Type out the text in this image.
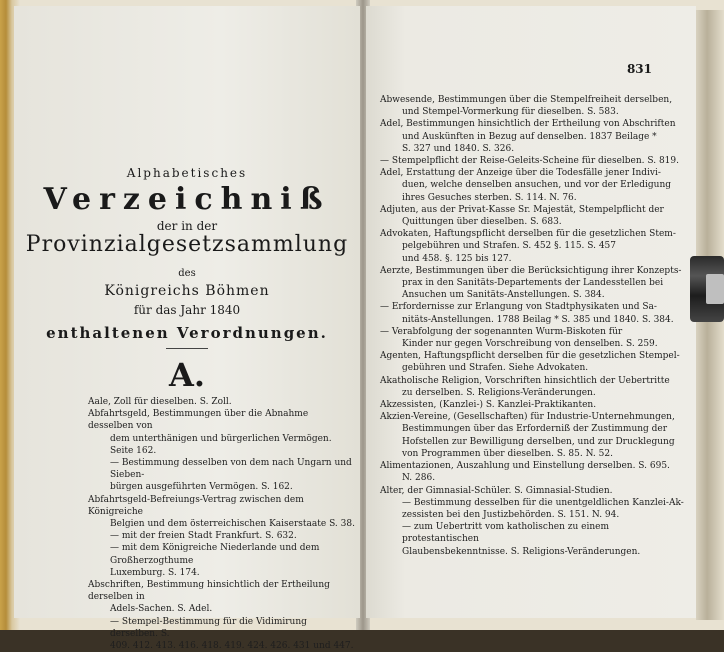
Alphabetisches
Verzeichniß
der in der
Provinzialgesetzsammlung
des
Königreichs Böhmen
für das Jahr 1840
enthaltenen Verordnungen.
A.

Aale, Zoll für dieselben. S. Zoll.

Abfahrtsgeld, Bestimmungen über die Abnahme desselben von

dem unterthänigen und bürgerlichen Vermögen. Seite 162.

— Bestimmung desselben von dem nach Ungarn und Sieben-

bürgen ausgeführten Vermögen. S. 162.

Abfahrtsgeld-Befreiungs-Vertrag zwischen dem Königreiche

Belgien und dem österreichischen Kaiserstaate S. 38.

— mit der freien Stadt Frankfurt. S. 632.

— mit dem Königreiche Niederlande und dem Großherzogthume

Luxemburg. S. 174.

Abschriften, Bestimmung hinsichtlich der Ertheilung derselben in

Adels-Sachen. S. Adel.

— Stempel-Bestimmung für die Vidimirung derselben. S.

409. 412. 413. 416. 418. 419. 424. 426. 431 und 447.

831

Abwesende, Bestimmungen über die Stempelfreiheit derselben,

und Stempel-Vormerkung für dieselben. S. 583.

Adel, Bestimmungen hinsichtlich der Ertheilung von Abschriften

und Auskünften in Bezug auf denselben. 1837 Beilage *

S. 327 und 1840. S. 326.

— Stempelpflicht der Reise-Geleits-Scheine für dieselben. S. 819.

Adel, Erstattung der Anzeige über die Todesfälle jener Indivi-

duen, welche denselben ansuchen, und vor der Erledigung

ihres Gesuches sterben. S. 114. N. 76.

Adjuten, aus der Privat-Kasse Sr. Majestät, Stempelpflicht der

Quittungen über dieselben. S. 683.

Advokaten, Haftungspflicht derselben für die gesetzlichen Stem-

pelgebühren und Strafen. S. 452 §. 115. S. 457

und 458. §. 125 bis 127.

Aerzte, Bestimmungen über die Berücksichtigung ihrer Konzepts-

prax in den Sanitäts-Departements der Landesstellen bei

Ansuchen um Sanitäts-Anstellungen. S. 384.

— Erfordernisse zur Erlangung von Stadtphysikaten und Sa-

nitäts-Anstellungen. 1788 Beilag * S. 385 und 1840. S. 384.

— Verabfolgung der sogenannten Wurm-Biskoten für

Kinder nur gegen Vorschreibung von denselben. S. 259.

Agenten, Haftungspflicht derselben für die gesetzlichen Stempel-

gebühren und Strafen. Siehe Advokaten.

Akatholische Religion, Vorschriften hinsichtlich der Uebertritte

zu derselben. S. Religions-Veränderungen.

Akzessisten, (Kanzlei-) S. Kanzlei-Praktikanten.

Akzien-Vereine, (Gesellschaften) für Industrie-Unternehmungen,

Bestimmungen über das Erforderniß der Zustimmung der

Hofstellen zur Bewilligung derselben, und zur Drucklegung

von Programmen über dieselben. S. 85. N. 52.

Alimentazionen, Auszahlung und Einstellung derselben. S. 695.

N. 286.

Alter, der Gimnasial-Schüler. S. Gimnasial-Studien.

— Bestimmung desselben für die unentgeldlichen Kanzlei-Ak-

zessisten bei den Justizbehörden. S. 151. N. 94.

— zum Uebertritt vom katholischen zu einem protestantischen

Glaubensbekenntnisse. S. Religions-Veränderungen.
